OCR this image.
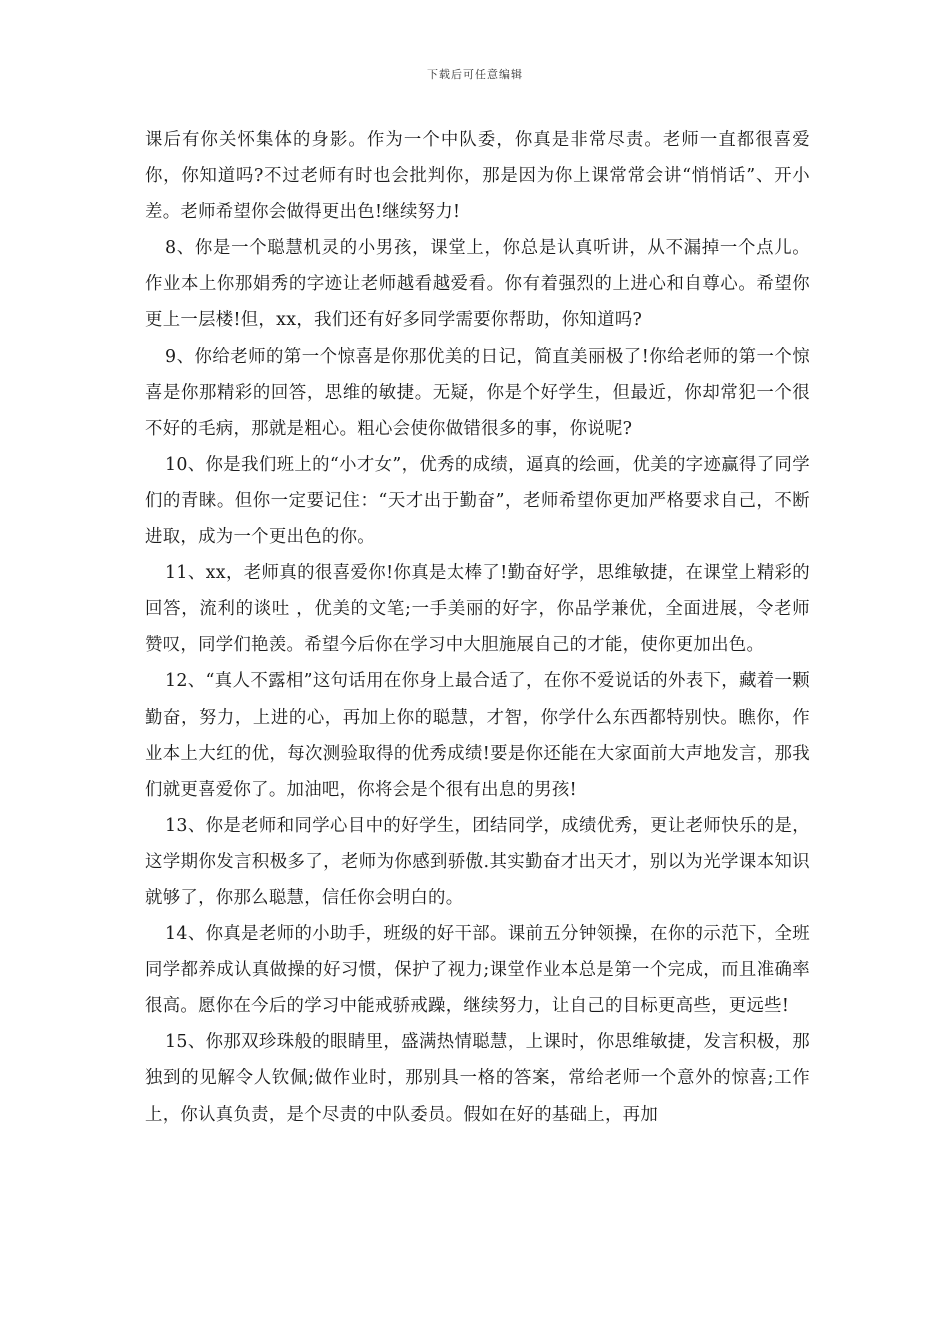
下载后可任意编辑

课后有你关怀集体的身影。作为一个中队委，你真是非常尽责。老师一直都很喜爱你，你知道吗?不过老师有时也会批判你，那是因为你上课常常会讲“悄悄话”、开小差。老师希望你会做得更出色!继续努力!

8、你是一个聪慧机灵的小男孩，课堂上，你总是认真听讲，从不漏掉一个点儿。作业本上你那娟秀的字迹让老师越看越爱看。你有着强烈的上进心和自尊心。希望你更上一层楼!但，xx，我们还有好多同学需要你帮助，你知道吗?

9、你给老师的第一个惊喜是你那优美的日记，简直美丽极了!你给老师的第一个惊喜是你那精彩的回答，思维的敏捷。无疑，你是个好学生，但最近，你却常犯一个很不好的毛病，那就是粗心。粗心会使你做错很多的事，你说呢?

10、你是我们班上的“小才女”，优秀的成绩，逼真的绘画，优美的字迹赢得了同学们的青睐。但你一定要记住：“天才出于勤奋”，老师希望你更加严格要求自己，不断进取，成为一个更出色的你。

11、xx，老师真的很喜爱你!你真是太棒了!勤奋好学，思维敏捷，在课堂上精彩的回答，流利的谈吐 ，优美的文笔;一手美丽的好字，你品学兼优，全面进展，令老师赞叹，同学们艳羡。希望今后你在学习中大胆施展自己的才能，使你更加出色。

12、“真人不露相”这句话用在你身上最合适了，在你不爱说话的外表下，藏着一颗勤奋，努力，上进的心，再加上你的聪慧，才智，你学什么东西都特别快。瞧你，作业本上大红的优，每次测验取得的优秀成绩!要是你还能在大家面前大声地发言，那我们就更喜爱你了。加油吧，你将会是个很有出息的男孩!

13、你是老师和同学心目中的好学生，团结同学，成绩优秀，更让老师快乐的是，这学期你发言积极多了，老师为你感到骄傲.其实勤奋才出天才，别以为光学课本知识就够了，你那么聪慧，信任你会明白的。

14、你真是老师的小助手，班级的好干部。课前五分钟领操，在你的示范下，全班同学都养成认真做操的好习惯，保护了视力;课堂作业本总是第一个完成，而且准确率很高。愿你在今后的学习中能戒骄戒躁，继续努力，让自己的目标更高些，更远些!

15、你那双珍珠般的眼睛里，盛满热情聪慧，上课时，你思维敏捷，发言积极，那独到的见解令人钦佩;做作业时，那别具一格的答案，常给老师一个意外的惊喜;工作上，你认真负责，是个尽责的中队委员。假如在好的基础上，再加
